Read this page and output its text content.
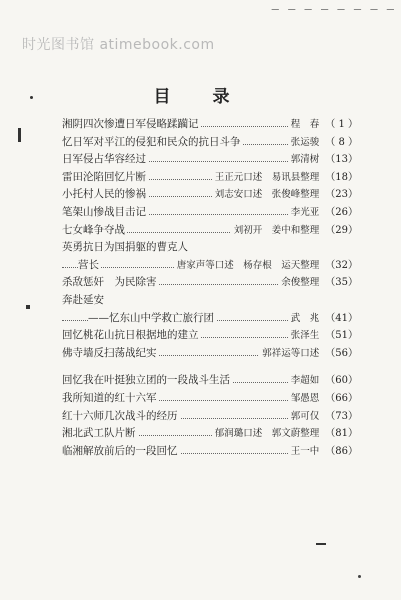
— — — — — — — —
时光图书馆 atimebook.com
目 录
湘阴四次惨遭日军侵略蹂躏记	程　春 （ 1 ）
忆日军对平江的侵犯和民众的抗日斗争	张运骏 （ 8 ）
日军侵占华容经过	郭清树 （13）
雷田沦陷回忆片断	王正元口述　易讯县整理 （18）
小托村人民的惨祸	刘志安口述　张俊峰整理 （23）
笔架山惨战目击记	李光亚 （26）
七女峰争夺战	刘初开　姜中和整理 （29）
英勇抗日为国捐躯的曹克人
营长	唐家声等口述　杨存根　运天整理 （32）
杀敌惩奸　为民除害	余俊整理 （35）
奔赴延安
——忆东山中学救亡旅行团	武　兆 （41）
回忆桃花山抗日根据地的建立	张泽生 （51）
佛寺墙反扫荡战纪实	郭祥运等口述 （56）
回忆我在叶挺独立团的一段战斗生活	李超如 （60）
我所知道的红十六军	邹愚恩 （66）
红十六师几次战斗的经历	郭可仅 （73）
湘北武工队片断	郁润璐口述　郭文蔚整理 （81）
临湘解放前后的一段回忆	王一中 （86）
